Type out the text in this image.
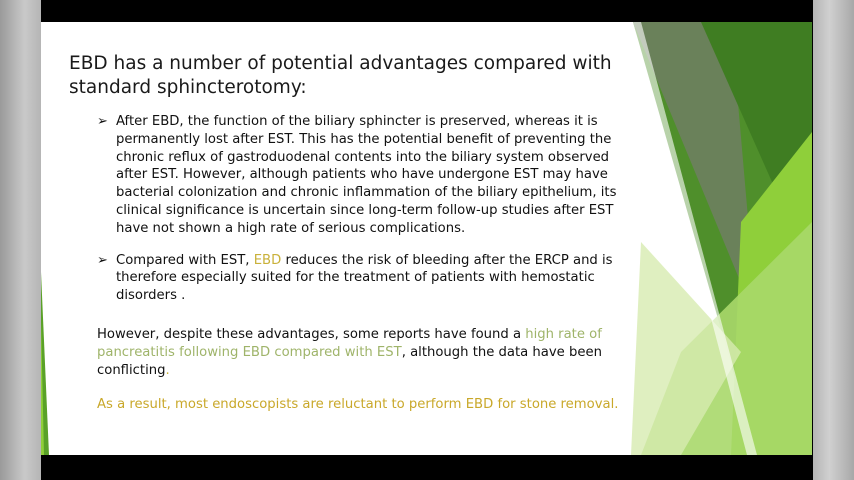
EBD has a number of potential advantages compared with standard sphincterotomy:
➢ After EBD, the function of the biliary sphincter is preserved, whereas it is permanently lost after EST. This has the potential benefit of preventing the chronic reflux of gastroduodenal contents into the biliary system observed after EST. However, although patients who have undergone EST may have bacterial colonization and chronic inflammation of the biliary epithelium, its clinical significance is uncertain since long-term follow-up studies after EST have not shown a high rate of serious complications.
➢ Compared with EST, EBD reduces the risk of bleeding after the ERCP and is therefore especially suited for the treatment of patients with hemostatic disorders .

However, despite these advantages, some reports have found a high rate of pancreatitis following EBD compared with EST, although the data have been conflicting.

As a result, most endoscopists are reluctant to perform EBD for stone removal.
